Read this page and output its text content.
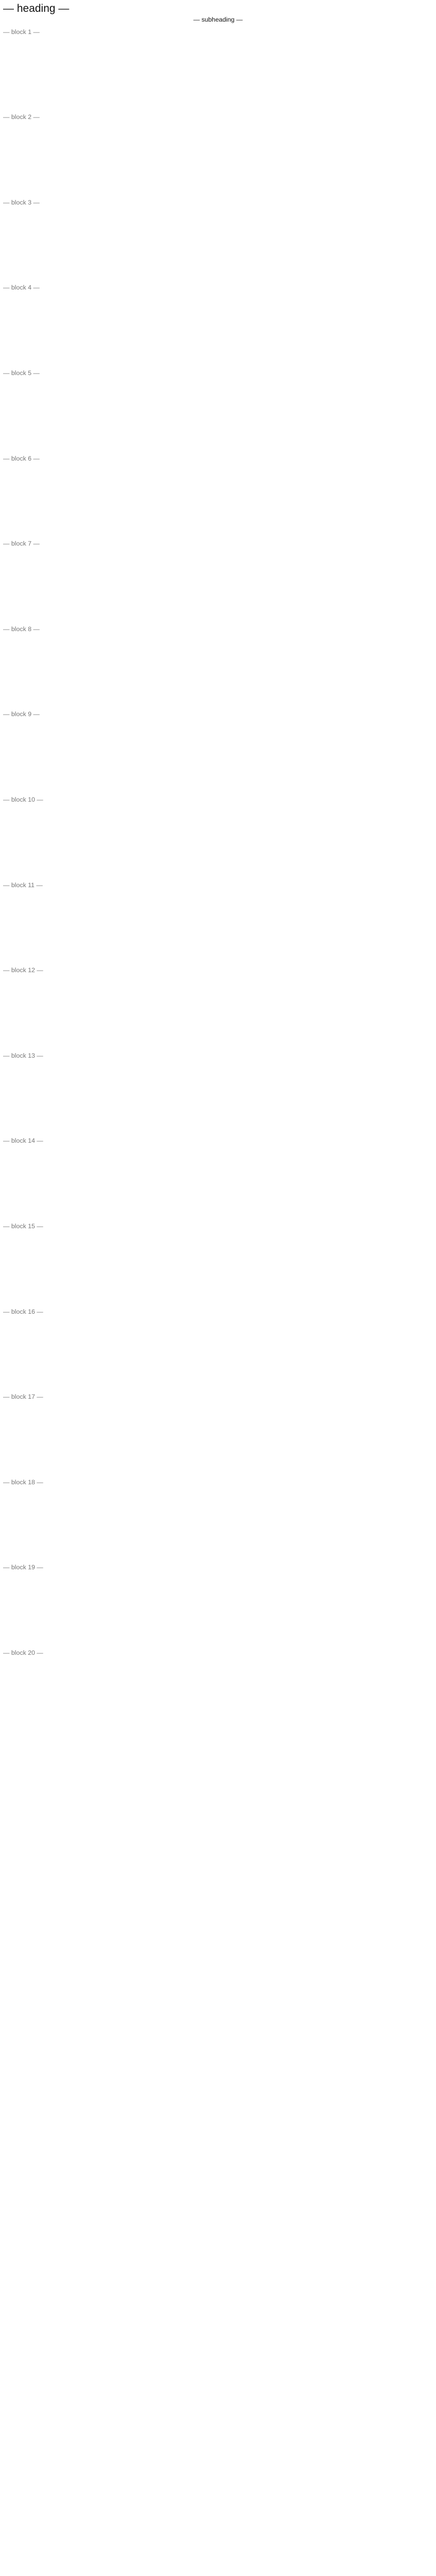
— heading —

— subheading —

— block 1 —

— block 2 —

— block 3 —

— block 4 —

— block 5 —

— block 6 —

— block 7 —

— block 8 —

— block 9 —

— block 10 —

— block 11 —

— block 12 —

— block 13 —

— block 14 —

— block 15 —

— block 16 —

— block 17 —

— block 18 —

— block 19 —

— block 20 —
